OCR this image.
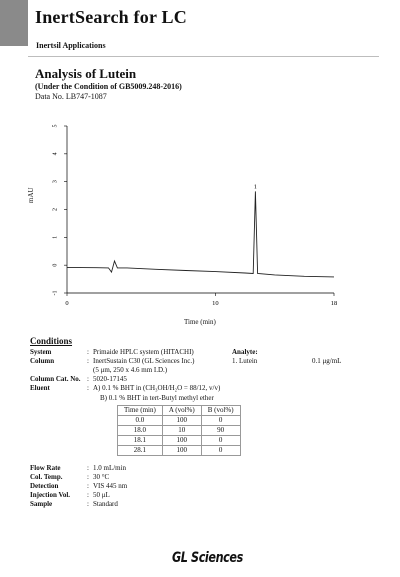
InertSearch for LC
Inertsil Applications
Analysis of Lutein
(Under the Condition of GB5009.248-2016)
Data No. LB747-1087
-1
0
1
2
3
4
5
0	10	18
1
mAU
Time (min)
Conditions
System	: Primaide HPLC system (HITACHI)
Column	: InertSustain C30 (GL Sciences Inc.)
(5 μm, 250 x 4.6 mm I.D.)
Column Cat. No. : 5020-17145
Eluent	: A) 0.1 % BHT in (CH₃OH/H₂O = 88/12, v/v)
B) 0.1 % BHT in tert-Butyl methyl ether
Time (min)	A (vol%)	B (vol%)
0.0	100	0
18.0	10	90
18.1	100	0
28.1	100	0
Flow Rate	: 1.0 mL/min
Col. Temp.	: 30 °C
Detection	: VIS 445 nm
Injection Vol. : 50 μL
Sample	: Standard
Analyte:
1. Lutein	0.1 μg/mL
GL Sciences
